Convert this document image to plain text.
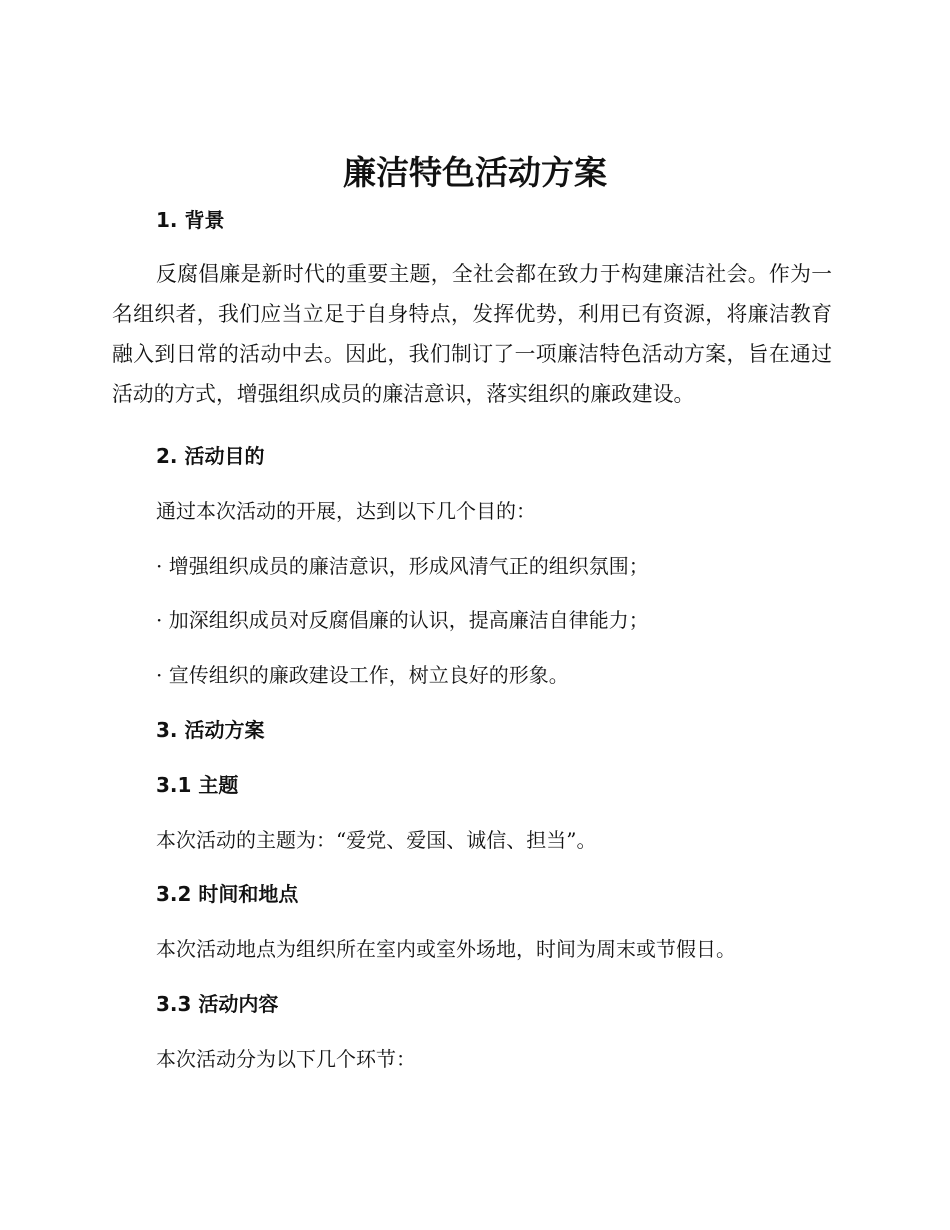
廉洁特色活动方案
1. 背景

反腐倡廉是新时代的重要主题，全社会都在致力于构建廉洁社会。作为一名组织者，我们应当立足于自身特点，发挥优势，利用已有资源，将廉洁教育融入到日常的活动中去。因此，我们制订了一项廉洁特色活动方案，旨在通过活动的方式，增强组织成员的廉洁意识，落实组织的廉政建设。

2. 活动目的

通过本次活动的开展，达到以下几个目的：

· 增强组织成员的廉洁意识，形成风清气正的组织氛围；

· 加深组织成员对反腐倡廉的认识，提高廉洁自律能力；

· 宣传组织的廉政建设工作，树立良好的形象。

3. 活动方案
3.1 主题

本次活动的主题为：“爱党、爱国、诚信、担当”。

3.2 时间和地点

本次活动地点为组织所在室内或室外场地，时间为周末或节假日。

3.3 活动内容

本次活动分为以下几个环节：
